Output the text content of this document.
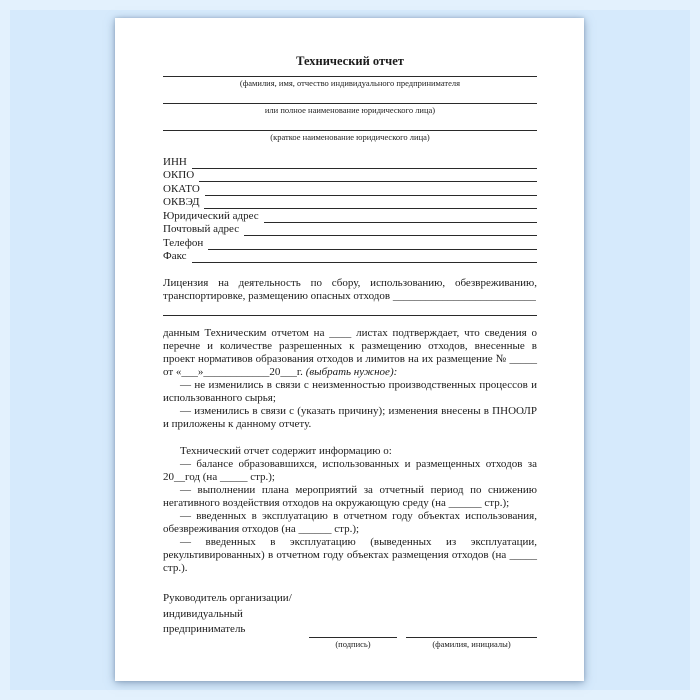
Технический отчет
(фамилия, имя, отчество индивидуального предпринимателя
или полное наименование юридического лица)
(краткое наименование юридического лица)
ИНН
ОКПО
ОКАТО
ОКВЭД
Юридический адрес
Почтовый адрес
Телефон
Факс

Лицензия на деятельность по сбору, использованию, обезвреживанию, транспортировке, размещению опасных отходов __________________________

данным Техническим отчетом на ____ листах подтверждает, что сведения о перечне и количестве разрешенных к размещению отходов, внесенные в проект нормативов образования отходов и лимитов на их размещение № _____ от «___»____________20___г. (выбрать нужное):

— не изменились в связи с неизменностью производственных процессов и использованного сырья;

— изменились в связи с (указать причину); изменения внесены в ПНООЛР и приложены к данному отчету.

Технический отчет содержит информацию о:

— балансе образовавшихся, использованных и размещенных отходов за 20__год (на _____ стр.);

— выполнении плана мероприятий за отчетный период по снижению негативного воздействия отходов на окружающую среду (на ______ стр.);

— введенных в эксплуатацию в отчетном году объектах использования, обезвреживания отходов (на ______ стр.);

— введенных в эксплуатацию (выведенных из эксплуатации, рекультивированных) в отчетном году объектах размещения отходов (на _____ стр.).

Руководитель организации/ индивидуальный предприниматель
(подпись)	(фамилия, инициалы)
